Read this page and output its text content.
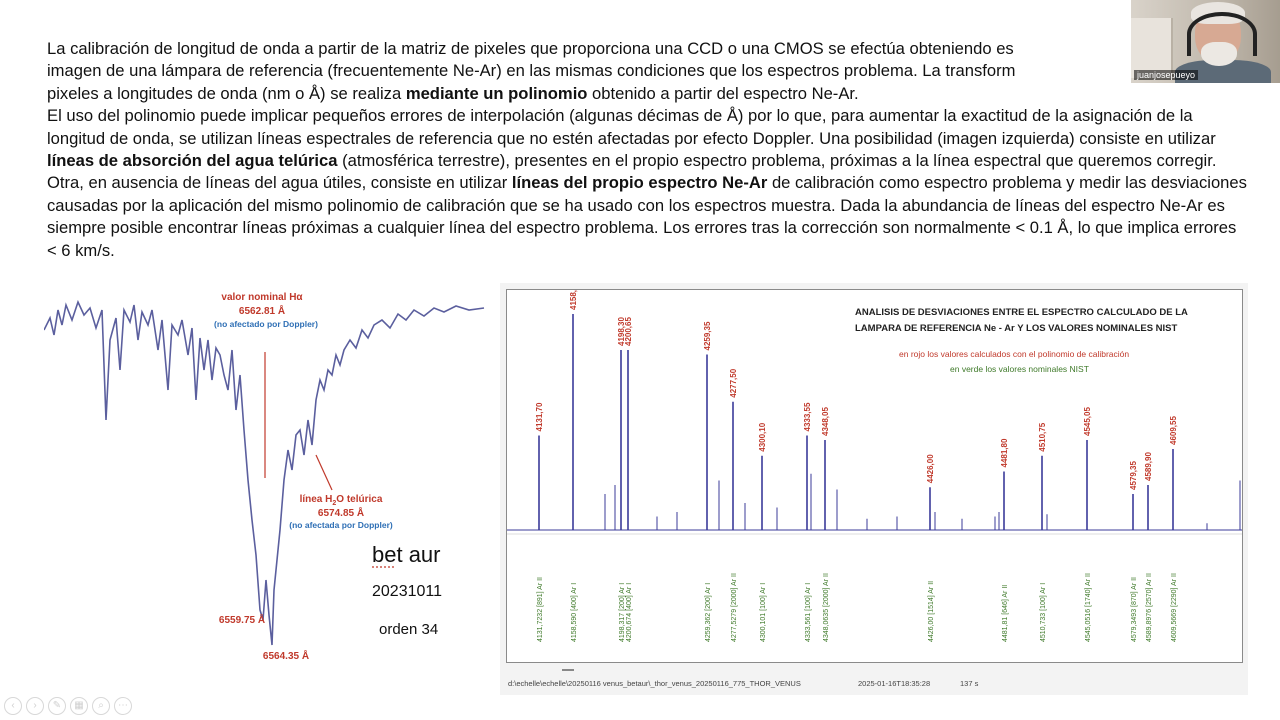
La calibración de longitud de onda a partir de la matriz de pixeles que proporciona una CCD o una CMOS se efectúa obteniendo es

imagen de una lámpara de referencia (frecuentemente Ne-Ar) en las mismas condiciones que los espectros problema. La transform

pixeles a longitudes de onda (nm o Å) se realiza mediante un polinomio obtenido a partir del espectro Ne-Ar.

El uso del polinomio puede implicar pequeños errores de interpolación (algunas décimas de Å) por lo que, para aumentar la exactitud de la asignación de la longitud de onda, se utilizan líneas espectrales de referencia que no estén afectadas por efecto Doppler. Una posibilidad (imagen izquierda) consiste en utilizar líneas de absorción del agua telúrica (atmosférica terrestre), presentes en el propio espectro problema, próximas a la línea espectral que queremos corregir. Otra, en ausencia de líneas del agua útiles, consiste en utilizar líneas del propio espectro Ne-Ar de calibración como espectro problema y medir las desviaciones causadas por la aplicación del mismo polinomio de calibración que se ha usado con los espectros muestra. Dada la abundancia de líneas del espectro Ne-Ar es siempre posible encontrar líneas próximas a cualquier línea del espectro problema. Los errores tras la corrección son normalmente < 0.1 Å, lo que implica errores < 6 km/s.

juanjosepueyo
valor nominal Hα
6562.81 Å
(no afectado por Doppler)
línea $H_2O$ telúrica
6574.85 Å
(no afectada por Doppler)
6559.75 Å
6564.35 Å
bet aur
20231011
orden 34
ANALISIS DE DESVIACIONES ENTRE EL ESPECTRO CALCULADO DE LA
LAMPARA DE REFERENCIA Ne - Ar Y LOS VALORES NOMINALES NIST
en rojo los valores calculados con el polinomio de calibración
en verde los valores nominales NIST
4131,70
4131,7232 [891] Ar II
4158,60
4158,590 [400] Ar I
4198,30
4198,317 [200] Ar I
4200,65
4200,674 [400] Ar I
4259,35
4259,362 [200] Ar I
4277,50
4277,5279 [2000] Ar II
4300,10
4300,101 [100] Ar I
4333,55
4333,561 [100] Ar I
4348,05
4348,0635 [2000] Ar II
4426,00
4426,00 [1514] Ar II
4481,80
4481,81 [646] Ar II
4510,75
4510,733 [100] Ar I
4545,05
4545,0516 [1740] Ar II
4579,35
4579,3493 [870] Ar II
4589,90
4589,8976 [2570] Ar II
4609,55
4609,5669 [2290] Ar II
d:\echelle\echelle\20250116 venus_betaur\_thor_venus_20250116_775_THOR_VENUS	2025-01-16T18:35:28	137 s
‹	›	✎	▦	⌕	⋯
